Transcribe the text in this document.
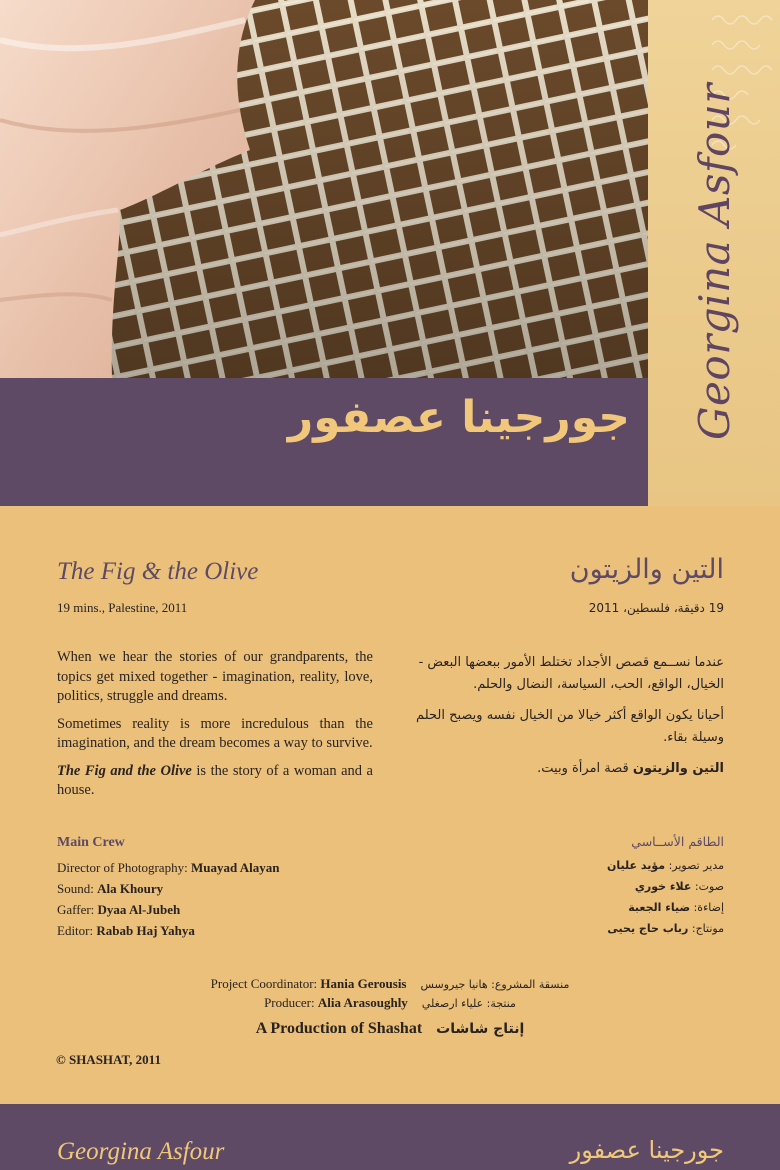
Georgina Asfour
جورجينا عصفور
The Fig & the Olive
19 mins., Palestine, 2011
التين والزيتون
19 دقيقة، فلسطين، 2011

When we hear the stories of our grandparents, the topics get mixed together - imagination, reality, love, politics, struggle and dreams.

Sometimes reality is more incredulous than the imagination, and the dream becomes a way to survive.

The Fig and the Olive is the story of a woman and a house.

عندما نســمع قصص الأجداد تختلط الأمور ببعضها البعض - الخيال، الواقع، الحب، السياسة، النضال والحلم.

أحيانا يكون الواقع أكثر خيالا من الخيال نفسه ويصبح الحلم وسيلة بقاء.

التين والزيتون قصة امرأة وبيت.

Main Crew
Director of Photography: Muayad Alayan
Sound: Ala Khoury
Gaffer: Dyaa Al-Jubeh
Editor: Rabab Haj Yahya
الطاقم الأســاسي
مدير تصوير: مؤيد عليان
صوت: علاء خوري
إضاءة: ضياء الجعبة
مونتاج: رباب حاج يحيى
Project Coordinator: Hania Gerousis منسقة المشروع: هانيا جيروسس
Producer: Alia Arasoughly منتجة: علياء ارصغلي
A Production of Shashat إنتاج شاشات
© SHASHAT, 2011
Georgina Asfour	جورجينا عصفور
